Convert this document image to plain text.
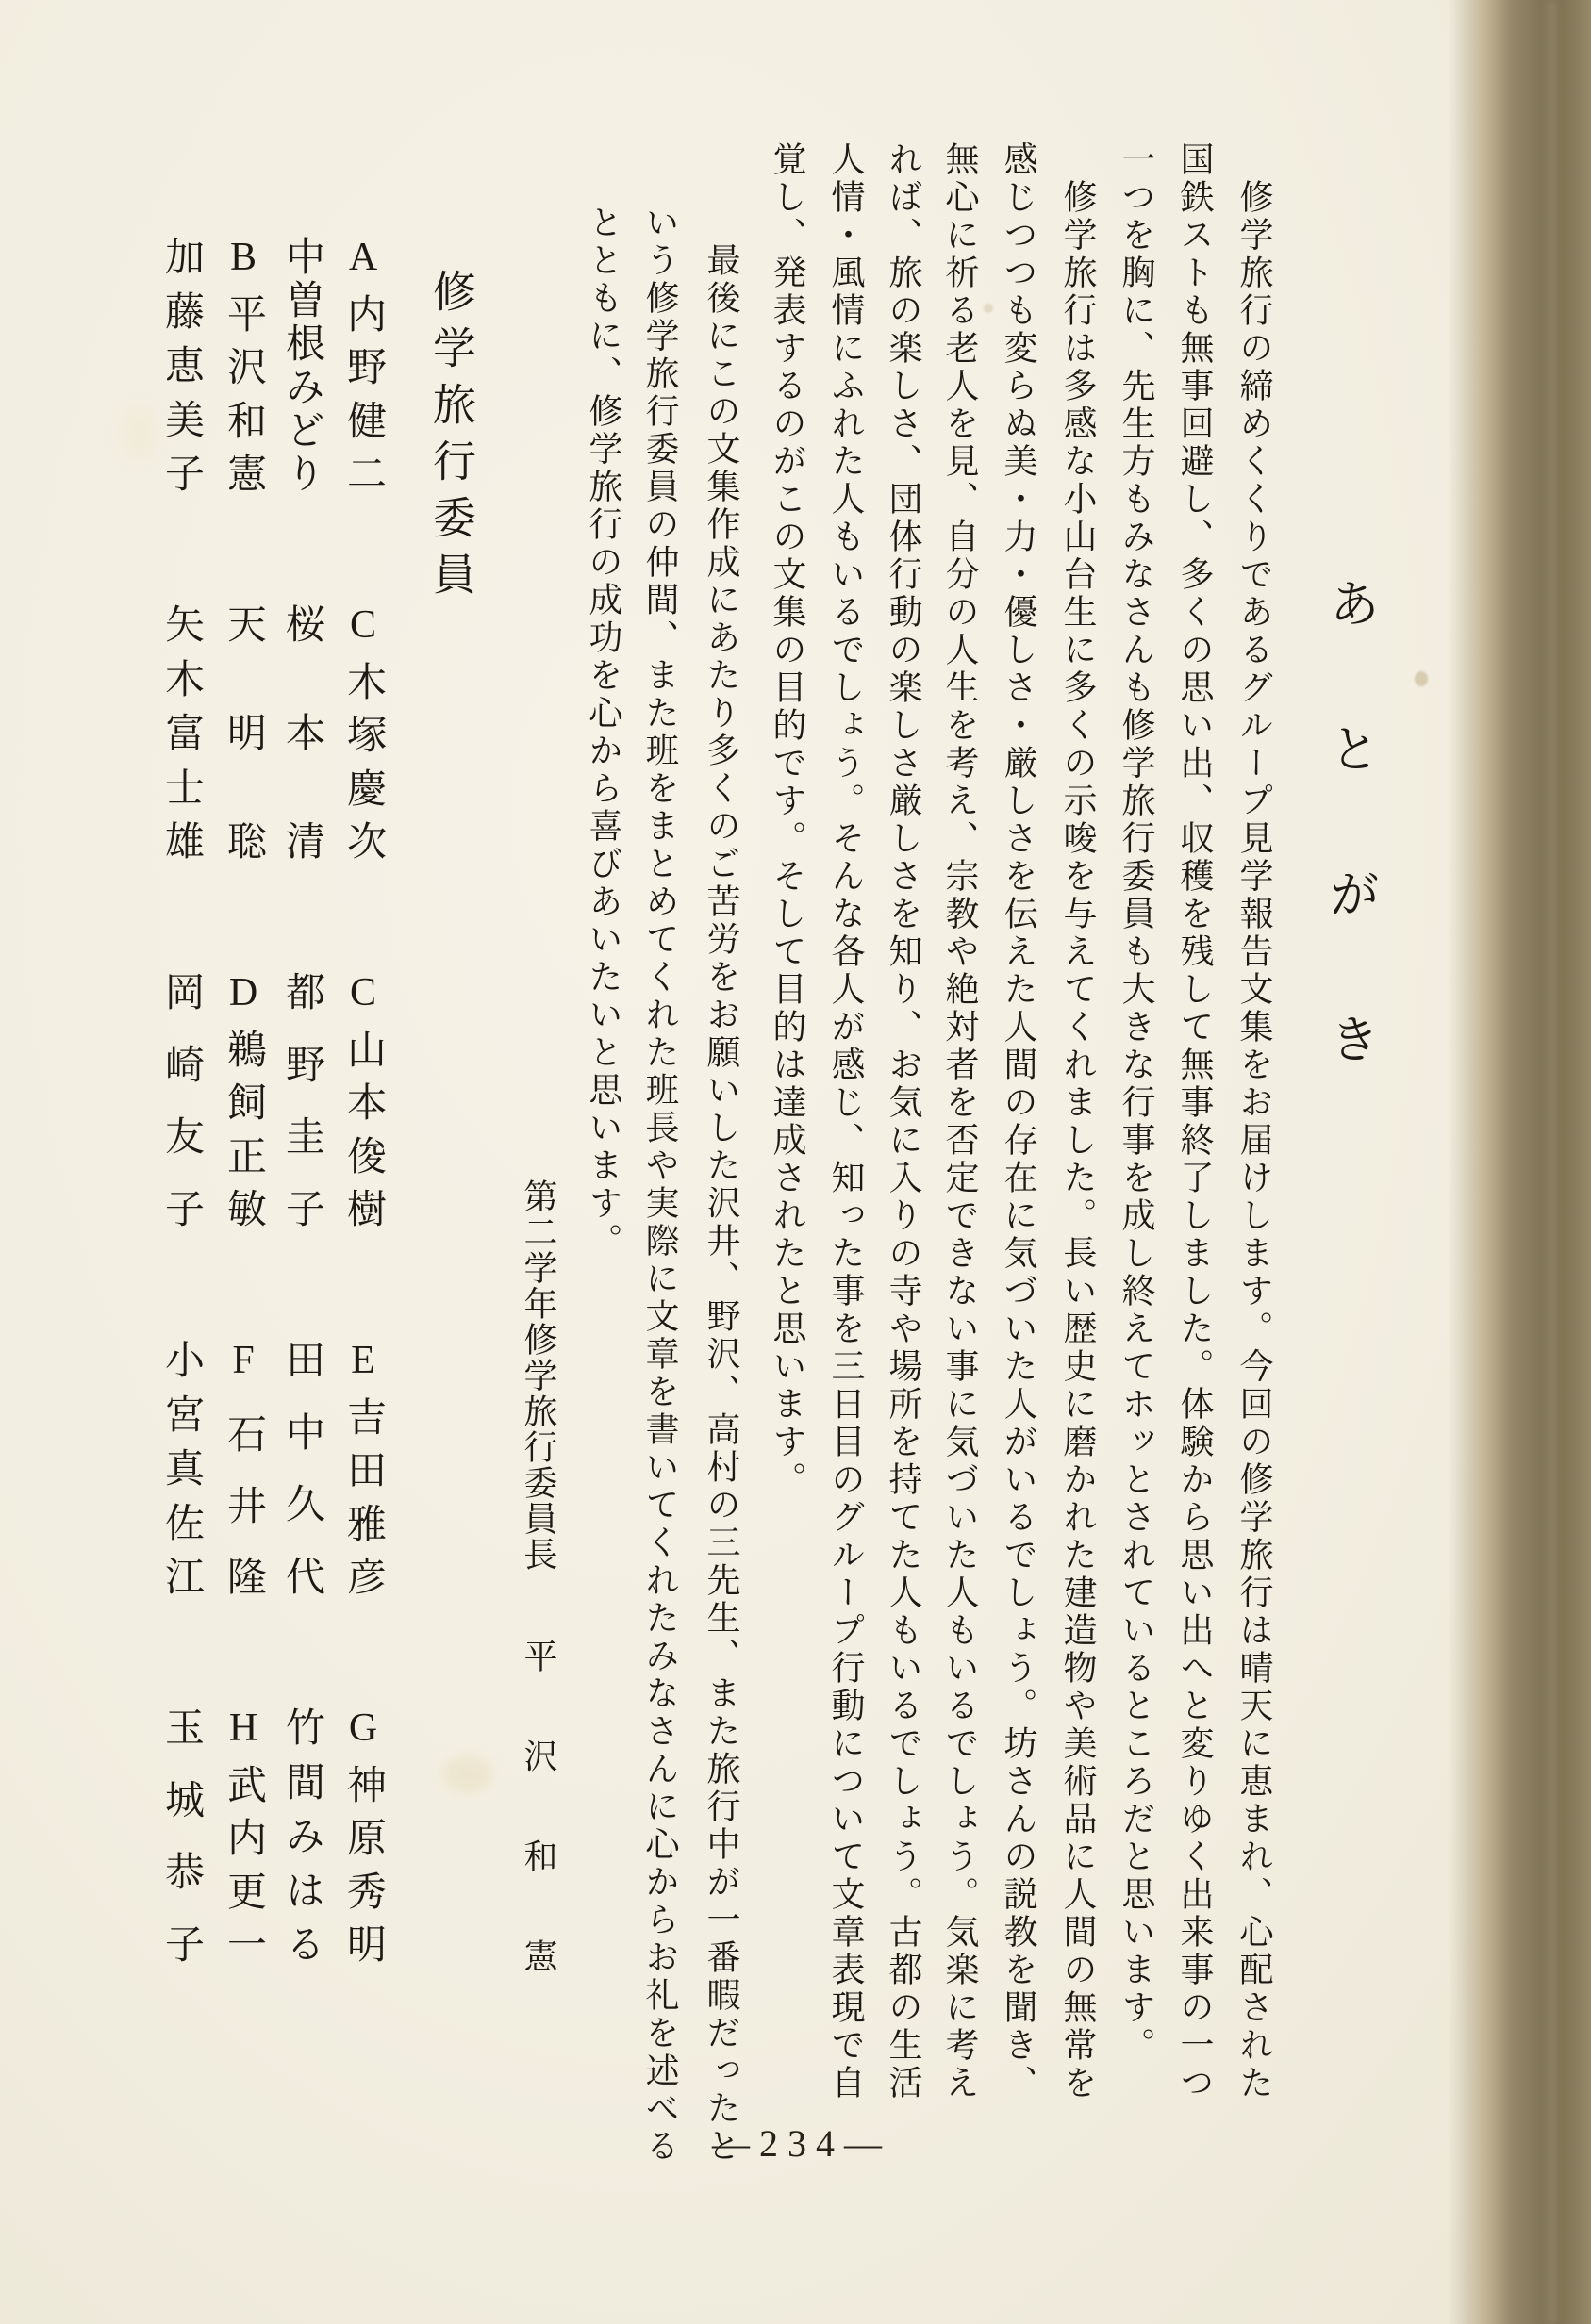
あとがき
　修学旅行の締めくくりであるグループ見学報告文集をお届けします。今回の修学旅行は晴天に恵まれ、心配された
国鉄ストも無事回避し、多くの思い出、収穫を残して無事終了しました。体験から思い出へと変りゆく出来事の一つ
一つを胸に、先生方もみなさんも修学旅行委員も大きな行事を成し終えてホッとされているところだと思います。
　修学旅行は多感な小山台生に多くの示唆を与えてくれました。長い歴史に磨かれた建造物や美術品に人間の無常を
感じつつも変らぬ美・力・優しさ・厳しさを伝えた人間の存在に気づいた人がいるでしょう。坊さんの説教を聞き、
無心に祈る老人を見、自分の人生を考え、宗教や絶対者を否定できない事に気づいた人もいるでしょう。気楽に考え
れば、旅の楽しさ、団体行動の楽しさ厳しさを知り、お気に入りの寺や場所を持てた人もいるでしょう。古都の生活
人情・風情にふれた人もいるでしょう。そんな各人が感じ、知った事を三日目のグループ行動について文章表現で自
覚し、発表するのがこの文集の目的です。そして目的は達成されたと思います。
　最後にこの文集作成にあたり多くのご苦労をお願いした沢井、野沢、高村の三先生、また旅行中が一番暇だったと
いう修学旅行委員の仲間、また班をまとめてくれた班長や実際に文章を書いてくれたみなさんに心からお礼を述べる
とともに、修学旅行の成功を心から喜びあいたいと思います。
第二学年修学旅行委員長平沢和憲
修学旅行委員
A
内
野
健
二
C
木
塚
慶
次
C
山
本
俊
樹
E
吉
田
雅
彦
G
神
原
秀
明
中
曽
根
み
ど
り
桜
本
清
都
野
圭
子
田
中
久
代
竹
間
み
は
る
B
平
沢
和
憲
天
明
聡
D
鵜
飼
正
敏
F
石
井
隆
H
武
内
更
一
加
藤
恵
美
子
矢
木
富
士
雄
岡
崎
友
子
小
宮
真
佐
江
玉
城
恭
子
―234―
